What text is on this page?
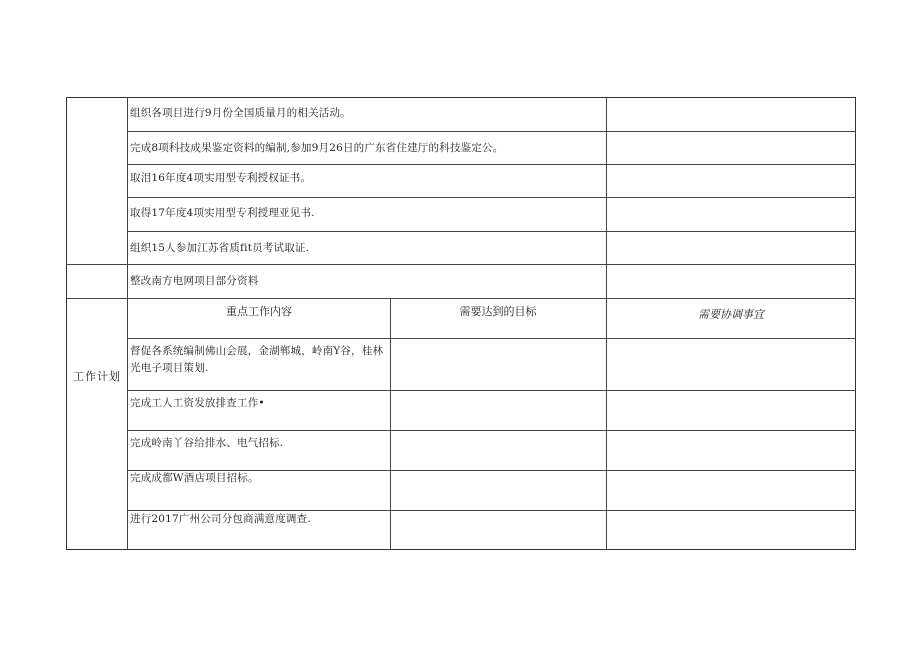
组织各项目进行9月份全国质量月的相关活动。
完成8项科技成果鉴定资料的编制,参加9月26日的广东省住建厅的科技鉴定公。
取泪16年度4项实用型专利授权证书。
取得17年度4项实用型专利授理亚见书.
组织15人参加江苏省质fit员考试取证.
整改南方电网项目部分资料
工作计划
重点工作内容	需要达到的目标	需要协调事宜
督促各系统编制佛山会展，金湖郸城，岭南Y谷，桂林光电子项目策划.
完成工人工资发放排查工作•
完成岭南丫谷给排水、电气招标.
完成成都W酒店项目招标。
进行2017广州公司分包商满意度调查.
